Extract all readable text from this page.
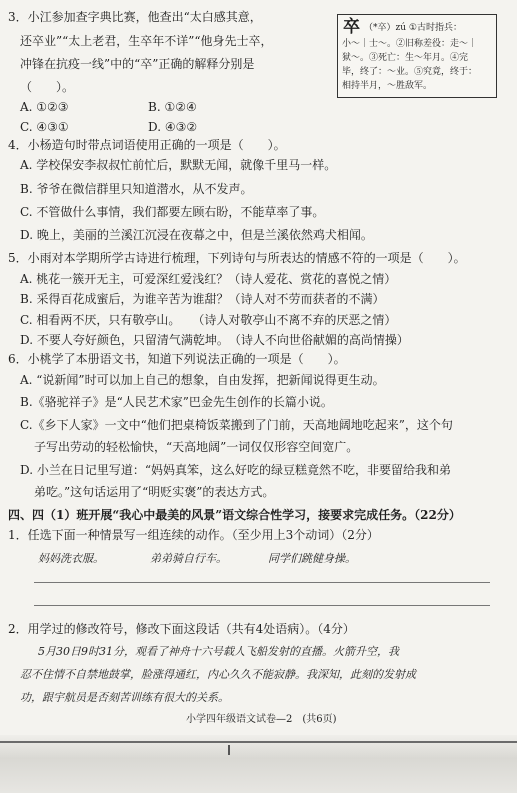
3．小江参加查字典比赛，他查出“太白感其意，
还卒业”“太上老君，生卒年不详”“他身先士卒，
冲锋在抗疫一线”中的“卒”正确的解释分别是
（　　）。
A. ①②③	B. ①②④
C. ④③①	D. ④③②
卒 （*卒）zú ①古时指兵：
小～｜士～。②旧称差役：走～｜
狱～。③死亡：生～年月。④完
毕，终了：～业。⑤究竟，终于：
相持半月，～胜敌军。
4．小杨造句时带点词语使用正确的一项是（　　）。
A. 学校保安李叔叔忙前忙后，默默无闻，就像千里马一样。
B. 爷爷在微信群里只知道潜水，从不发声。
C. 不管做什么事情，我们都要左顾右盼，不能草率了事。
D. 晚上，美丽的兰溪江沉浸在夜幕之中，但是兰溪依然鸡犬相闻。
5．小雨对本学期所学古诗进行梳理，下列诗句与所表达的情感不符的一项是（　　）。
A. 桃花一簇开无主，可爱深红爱浅红？（诗人爱花、赏花的喜悦之情）
B. 采得百花成蜜后，为谁辛苦为谁甜？（诗人对不劳而获者的不满）
C. 相看两不厌，只有敬亭山。　　（诗人对敬亭山不离不弃的厌恶之情）
D. 不要人夸好颜色，只留清气满乾坤。　（诗人不向世俗献媚的高尚情操）
6．小桃学了本册语文书，知道下列说法正确的一项是（　　）。
A. “说新闻”时可以加上自己的想象，自由发挥，把新闻说得更生动。
B.《骆驼祥子》是“人民艺术家”巴金先生创作的长篇小说。
C.《乡下人家》一文中“他们把桌椅饭菜搬到了门前，天高地阔地吃起来”，这个句
子写出劳动的轻松愉快，“天高地阔”一词仅仅形容空间宽广。
D. 小兰在日记里写道：“妈妈真笨，这么好吃的绿豆糕竟然不吃，非要留给我和弟
弟吃。”这句话运用了“明贬实褒”的表达方式。
四、四（1）班开展“我心中最美的风景”语文综合性学习，接要求完成任务。（22分）
1．任选下面一种情景写一组连续的动作。（至少用上3个动词）（2分）
妈妈洗衣服。	弟弟骑自行车。	同学们跳健身操。
2．用学过的修改符号，修改下面这段话（共有4处语病）。（4分）
5月30日9时31分，观看了神舟十六号载人飞船发射的直播。火箭升空，我
忍不住情不自禁地鼓掌，脸涨得通红，内心久久不能寂静。我深知，此刻的发射成
功，跟宇航员是否刻苦训练有很大的关系。
小学四年级语文试卷—2　(共6页)
